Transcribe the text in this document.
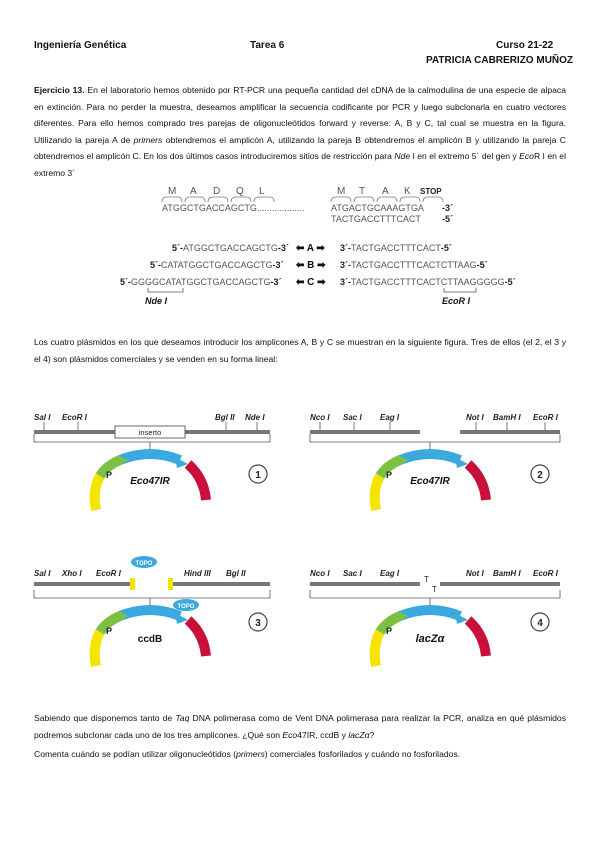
Ingeniería Genética	Tarea 6	Curso 21-22
PATRICIA CABRERIZO MUÑOZ
Ejercicio 13. En el laboratorio hemos obtenido por RT-PCR una pequeña cantidad del cDNA de la calmodulina de una especie de alpaca en extinción. Para no perder la muestra, deseamos amplificar la secuencia codificante por PCR y luego subclonarla en cuatro vectores diferentes. Para ello hemos comprado tres parejas de oligonucleótidos forward y reverse: A, B y C, tal cual se muestra en la figura. Utilizando la pareja A de primers obtendremos el amplicón A, utilizando la pareja B obtendremos el amplicón B y utilizando la pareja C obtendremos el amplicón C. En los dos últimos casos introduciremos sitios de restricción para Nde I en el extremo 5´ del gen y EcoR I en el extremo 3´
M A D Q L	M T A K STOP
ATGGCTGACCAGCTG...................	ATGACTGCAAAGTGA -3´
TACTGACCTTTCACT -5´
5´-ATGGCTGACCAGCTG-3´ ⬅ A ➡ 3´-TACTGACCTTTCACT-5´
5´-CATATGGCTGACCAGCTG-3´ ⬅ B ➡ 3´-TACTGACCTTTCACTCTTAAG-5´
5´-GGGGCATATGGCTGACCAGCTG-3´ ⬅ C ➡ 3´-TACTGACCTTTCACTCTTAAGGGGG-5´
Nde I	EcoR I
Los cuatro plásmidos en los que deseamos introducir los amplicones A, B y C se muestran en la siguiente figura. Tres de ellos (el 2, el 3 y el 4) son plásmidos comerciales y se venden en su forma lineal:
Sal I EcoR I	Bgl II Nde I
inserto
P
Eco47IR
1
Nco I Sac I Eag I	Not I BamH I EcoR I
P
Eco47IR
2
Sal I Xho I EcoR I	Hind III Bgl II
TOPO
TOPO
P
ccdB
3
Nco I Sac I Eag I	Not I BamH I EcoR I
T
T
P
lacZα
4
Sabiendo que disponemos tanto de Taq DNA polimerasa como de Vent DNA polimerasa para realizar la PCR, analiza en qué plásmidos podremos subclonar cada uno de los tres amplicones. ¿Qué son Eco47IR, ccdB y lacZα?
Comenta cuándo se podían utilizar oligonucleótidos (primers) comerciales fosforilados y cuándo no fosforilados.
